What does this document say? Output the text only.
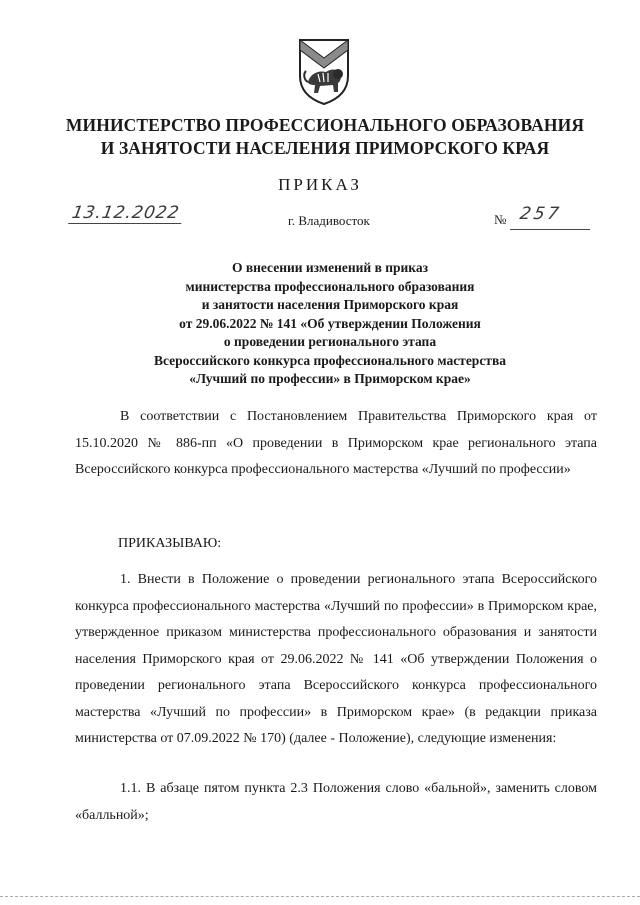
МИНИСТЕРСТВО ПРОФЕССИОНАЛЬНОГО ОБРАЗОВАНИЯ
И ЗАНЯТОСТИ НАСЕЛЕНИЯ ПРИМОРСКОГО КРАЯ
ПРИКАЗ
13.12.2022	г. Владивосток	№ 257
О внесении изменений в приказ
министерства профессионального образования
и занятости населения Приморского края
от 29.06.2022 № 141 «Об утверждении Положения
о проведении регионального этапа
Всероссийского конкурса профессионального мастерства
«Лучший по профессии» в Приморском крае»

В соответствии с Постановлением Правительства Приморского края от 15.10.2020 № 886-пп «О проведении в Приморском крае регионального этапа Всероссийского конкурса профессионального мастерства «Лучший по профессии»

ПРИКАЗЫВАЮ:

1. Внести в Положение о проведении регионального этапа Всероссийского конкурса профессионального мастерства «Лучший по профессии» в Приморском крае, утвержденное приказом министерства профессионального образования и занятости населения Приморского края от 29.06.2022 № 141 «Об утверждении Положения о проведении регионального этапа Всероссийского конкурса профессионального мастерства «Лучший по профессии» в Приморском крае» (в редакции приказа министерства от 07.09.2022 № 170) (далее - Положение), следующие изменения:

1.1. В абзаце пятом пункта 2.3 Положения слово «бальной», заменить словом «балльной»;
